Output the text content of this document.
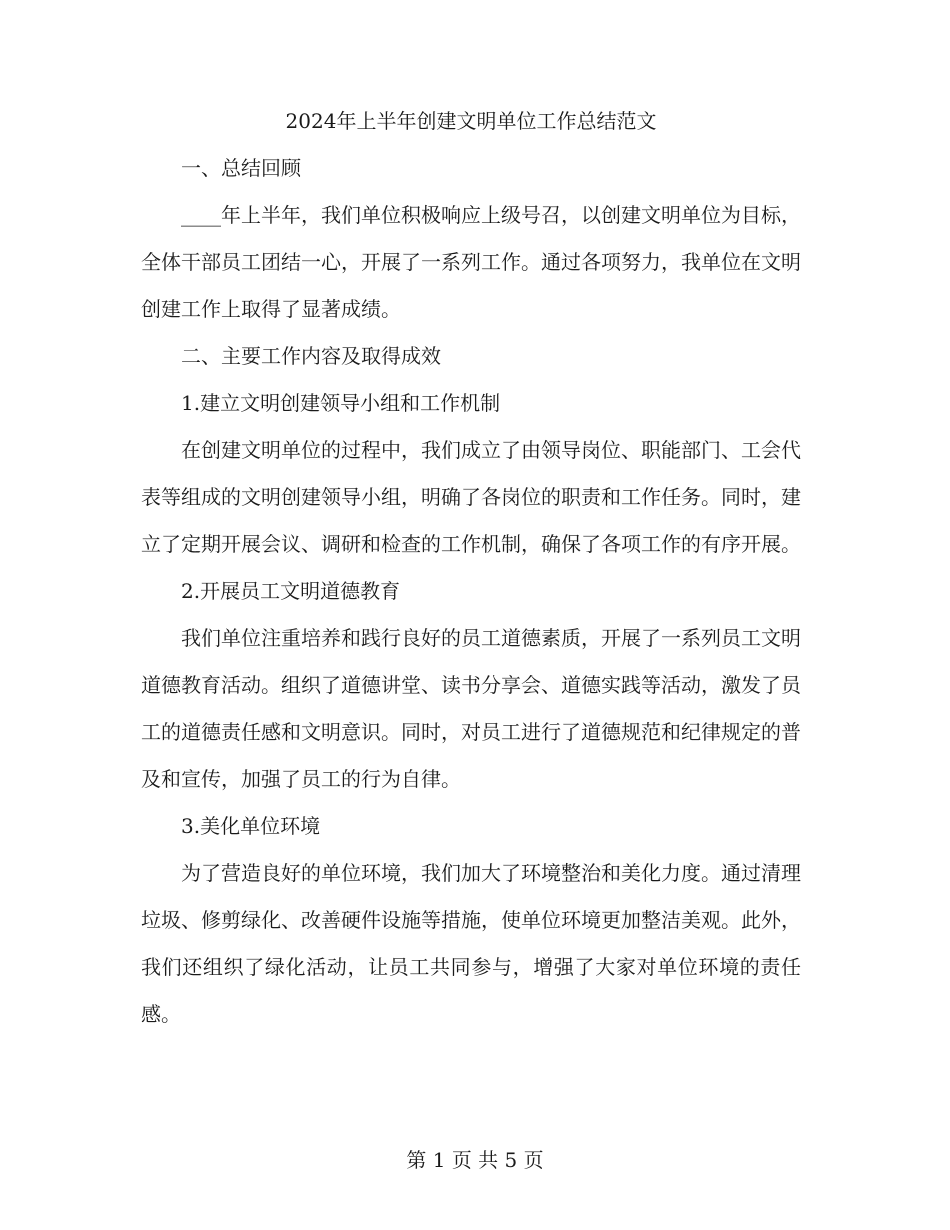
2024年上半年创建文明单位工作总结范文
一、总结回顾
____年上半年，我们单位积极响应上级号召，以创建文明单位为目标，全体干部员工团结一心，开展了一系列工作。通过各项努力，我单位在文明创建工作上取得了显著成绩。
二、主要工作内容及取得成效
1.建立文明创建领导小组和工作机制
在创建文明单位的过程中，我们成立了由领导岗位、职能部门、工会代表等组成的文明创建领导小组，明确了各岗位的职责和工作任务。同时，建立了定期开展会议、调研和检查的工作机制，确保了各项工作的有序开展。
2.开展员工文明道德教育
我们单位注重培养和践行良好的员工道德素质，开展了一系列员工文明道德教育活动。组织了道德讲堂、读书分享会、道德实践等活动，激发了员工的道德责任感和文明意识。同时，对员工进行了道德规范和纪律规定的普及和宣传，加强了员工的行为自律。
3.美化单位环境
为了营造良好的单位环境，我们加大了环境整治和美化力度。通过清理垃圾、修剪绿化、改善硬件设施等措施，使单位环境更加整洁美观。此外，我们还组织了绿化活动，让员工共同参与，增强了大家对单位环境的责任感。
第 1 页 共 5 页
